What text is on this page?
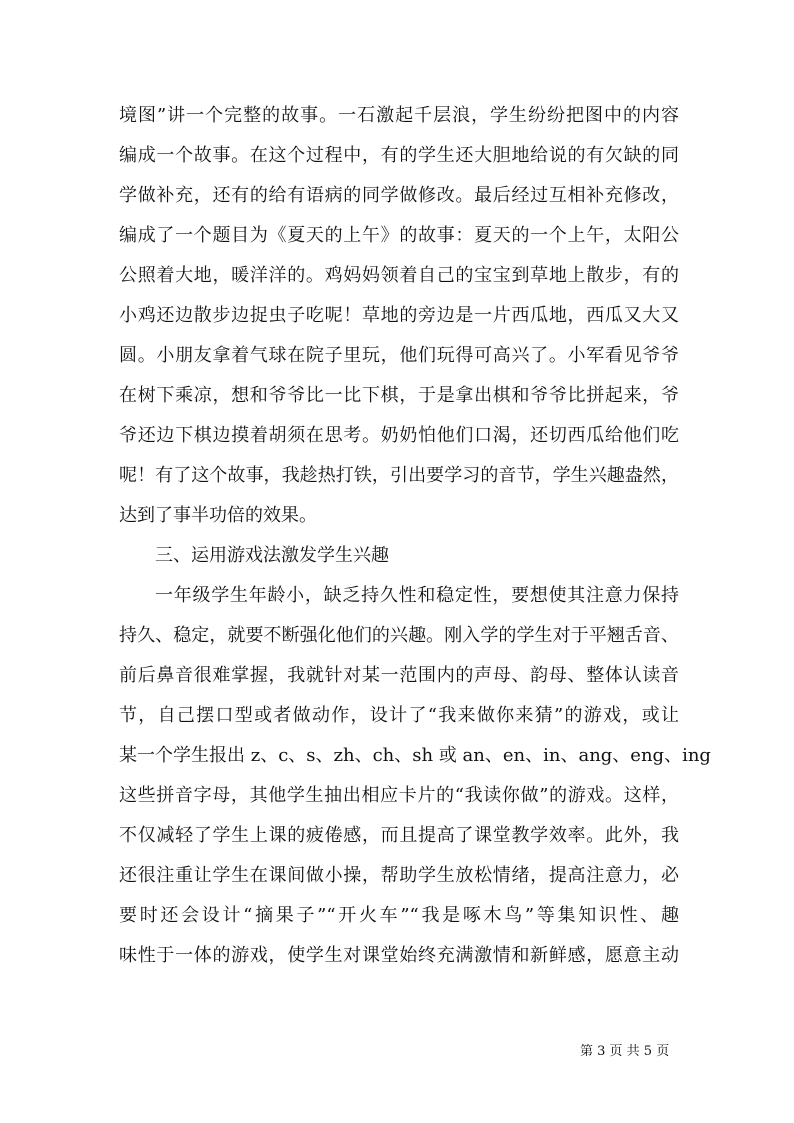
境图”讲一个完整的故事。一石激起千层浪，学生纷纷把图中的内容
编成一个故事。在这个过程中，有的学生还大胆地给说的有欠缺的同
学做补充，还有的给有语病的同学做修改。最后经过互相补充修改，
编成了一个题目为《夏天的上午》的故事：夏天的一个上午，太阳公
公照着大地，暖洋洋的。鸡妈妈领着自己的宝宝到草地上散步，有的
小鸡还边散步边捉虫子吃呢！草地的旁边是一片西瓜地，西瓜又大又
圆。小朋友拿着气球在院子里玩，他们玩得可高兴了。小军看见爷爷
在树下乘凉，想和爷爷比一比下棋，于是拿出棋和爷爷比拼起来，爷
爷还边下棋边摸着胡须在思考。奶奶怕他们口渴，还切西瓜给他们吃
呢！有了这个故事，我趁热打铁，引出要学习的音节，学生兴趣盎然，
达到了事半功倍的效果。
三、运用游戏法激发学生兴趣
一年级学生年龄小，缺乏持久性和稳定性，要想使其注意力保持
持久、稳定，就要不断强化他们的兴趣。刚入学的学生对于平翘舌音、
前后鼻音很难掌握，我就针对某一范围内的声母、韵母、整体认读音
节，自己摆口型或者做动作，设计了“我来做你来猜”的游戏，或让
某一个学生报出 z、c、s、zh、ch、sh 或 an、en、in、ang、eng、ing
这些拼音字母，其他学生抽出相应卡片的“我读你做”的游戏。这样，
不仅减轻了学生上课的疲倦感，而且提高了课堂教学效率。此外，我
还很注重让学生在课间做小操，帮助学生放松情绪，提高注意力，必
要时还会设计“摘果子”“开火车”“我是啄木鸟”等集知识性、趣
味性于一体的游戏，使学生对课堂始终充满激情和新鲜感，愿意主动
第 3 页 共 5 页
